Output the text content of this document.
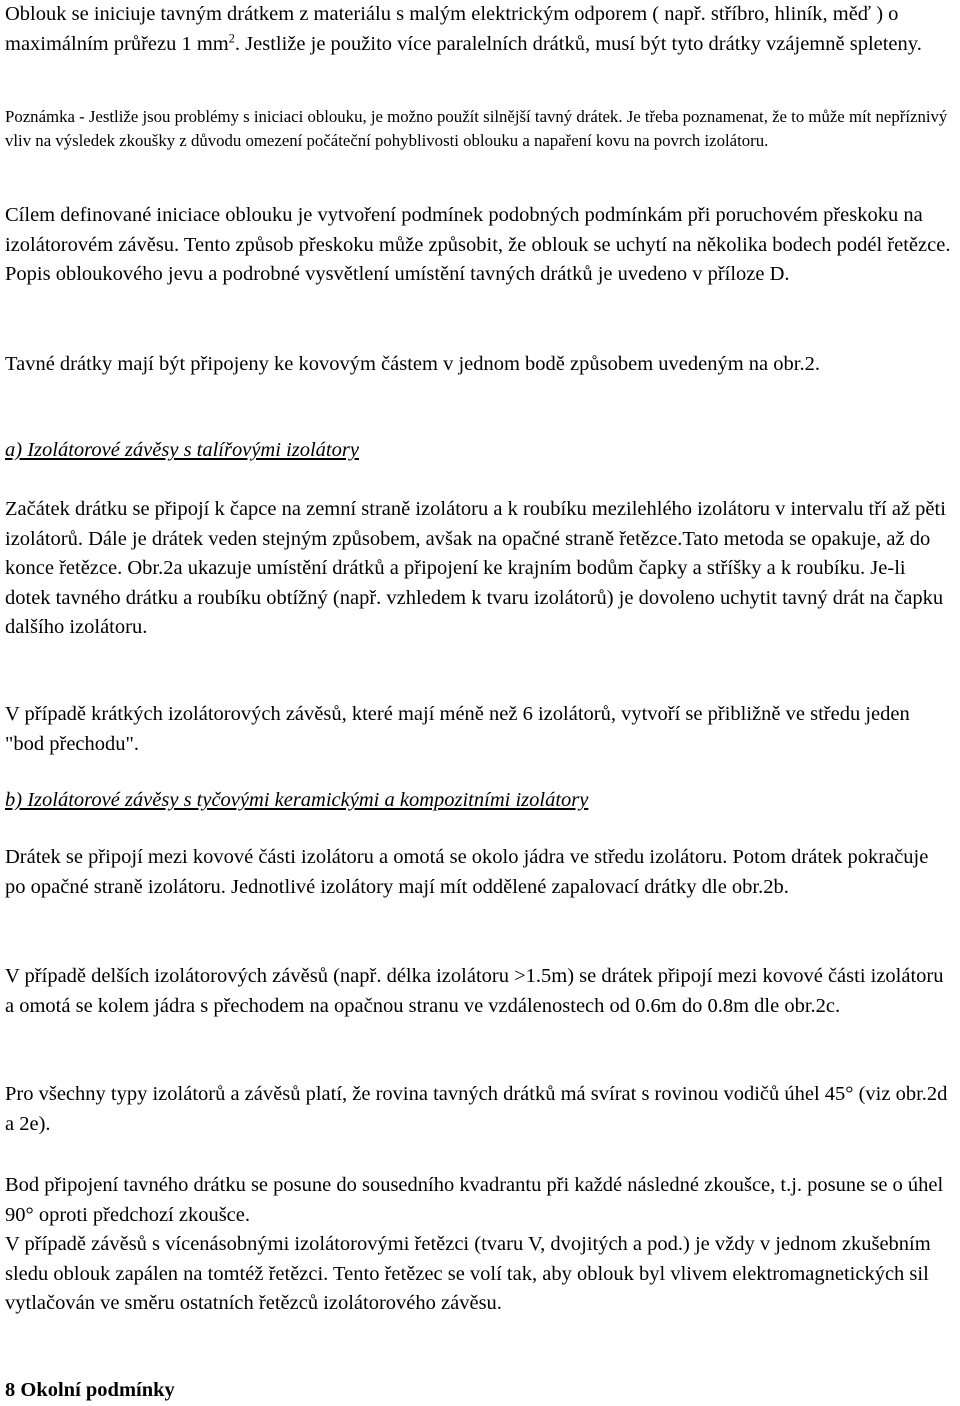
Oblouk se iniciuje tavným drátkem z materiálu s malým elektrickým odporem ( např. stříbro, hliník, měď ) o maximálním průřezu 1 $mm^2$. Jestliže je použito více paralelních drátků, musí být tyto drátky vzájemně spleteny.

Poznámka - Jestliže jsou problémy s iniciaci oblouku, je možno použít silnější tavný drátek. Je třeba poznamenat, že to může mít nepříznivý vliv na výsledek zkoušky z důvodu omezení počáteční pohyblivosti oblouku a napaření kovu na povrch izolátoru.

Cílem definované iniciace oblouku je vytvoření podmínek podobných podmínkám při poruchovém přeskoku na izolátorovém závěsu. Tento způsob přeskoku může způsobit, že oblouk se uchytí na několika bodech podél řetězce. Popis obloukového jevu a podrobné vysvětlení umístění tavných drátků je uvedeno v příloze D.

Tavné drátky mají být připojeny ke kovovým částem v jednom bodě způsobem uvedeným na obr.2.

a) Izolátorové závěsy s talířovými izolátory

Začátek drátku se připojí k čapce na zemní straně izolátoru a k roubíku mezilehlého izolátoru v intervalu tří až pěti izolátorů. Dále je drátek veden stejným způsobem, avšak na opačné straně řetězce.Tato metoda se opakuje, až do konce řetězce. Obr.2a ukazuje umístění drátků a připojení ke krajním bodům čapky a stříšky a k roubíku. Je-li dotek tavného drátku a roubíku obtížný (např. vzhledem k tvaru izolátorů) je dovoleno uchytit tavný drát na čapku dalšího izolátoru.

V případě krátkých izolátorových závěsů, které mají méně než 6 izolátorů, vytvoří se přibližně ve středu jeden "bod přechodu".

b) Izolátorové závěsy s tyčovými keramickými a kompozitními izolátory

Drátek se připojí mezi kovové části izolátoru a omotá se okolo jádra ve středu izolátoru. Potom drátek pokračuje po opačné straně izolátoru. Jednotlivé izolátory mají mít oddělené zapalovací drátky dle obr.2b.

V případě delších izolátorových závěsů (např. délka izolátoru >1.5m) se drátek připojí mezi kovové části izolátoru a omotá se kolem jádra s přechodem na opačnou stranu ve vzdálenostech od 0.6m do 0.8m dle obr.2c.

Pro všechny typy izolátorů a závěsů platí, že rovina tavných drátků má svírat s rovinou vodičů úhel 45° (viz obr.2d a 2e).

Bod připojení tavného drátku se posune do sousedního kvadrantu při každé následné zkoušce, t.j. posune se o úhel 90° oproti předchozí zkoušce.

V případě závěsů s vícenásobnými izolátorovými řetězci (tvaru V, dvojitých a pod.) je vždy v jednom zkušebním sledu oblouk zapálen na tomtéž řetězci. Tento řetězec se volí tak, aby oblouk byl vlivem elektromagnetických sil vytlačován ve směru ostatních řetězců izolátorového závěsu.

8 Okolní podmínky
